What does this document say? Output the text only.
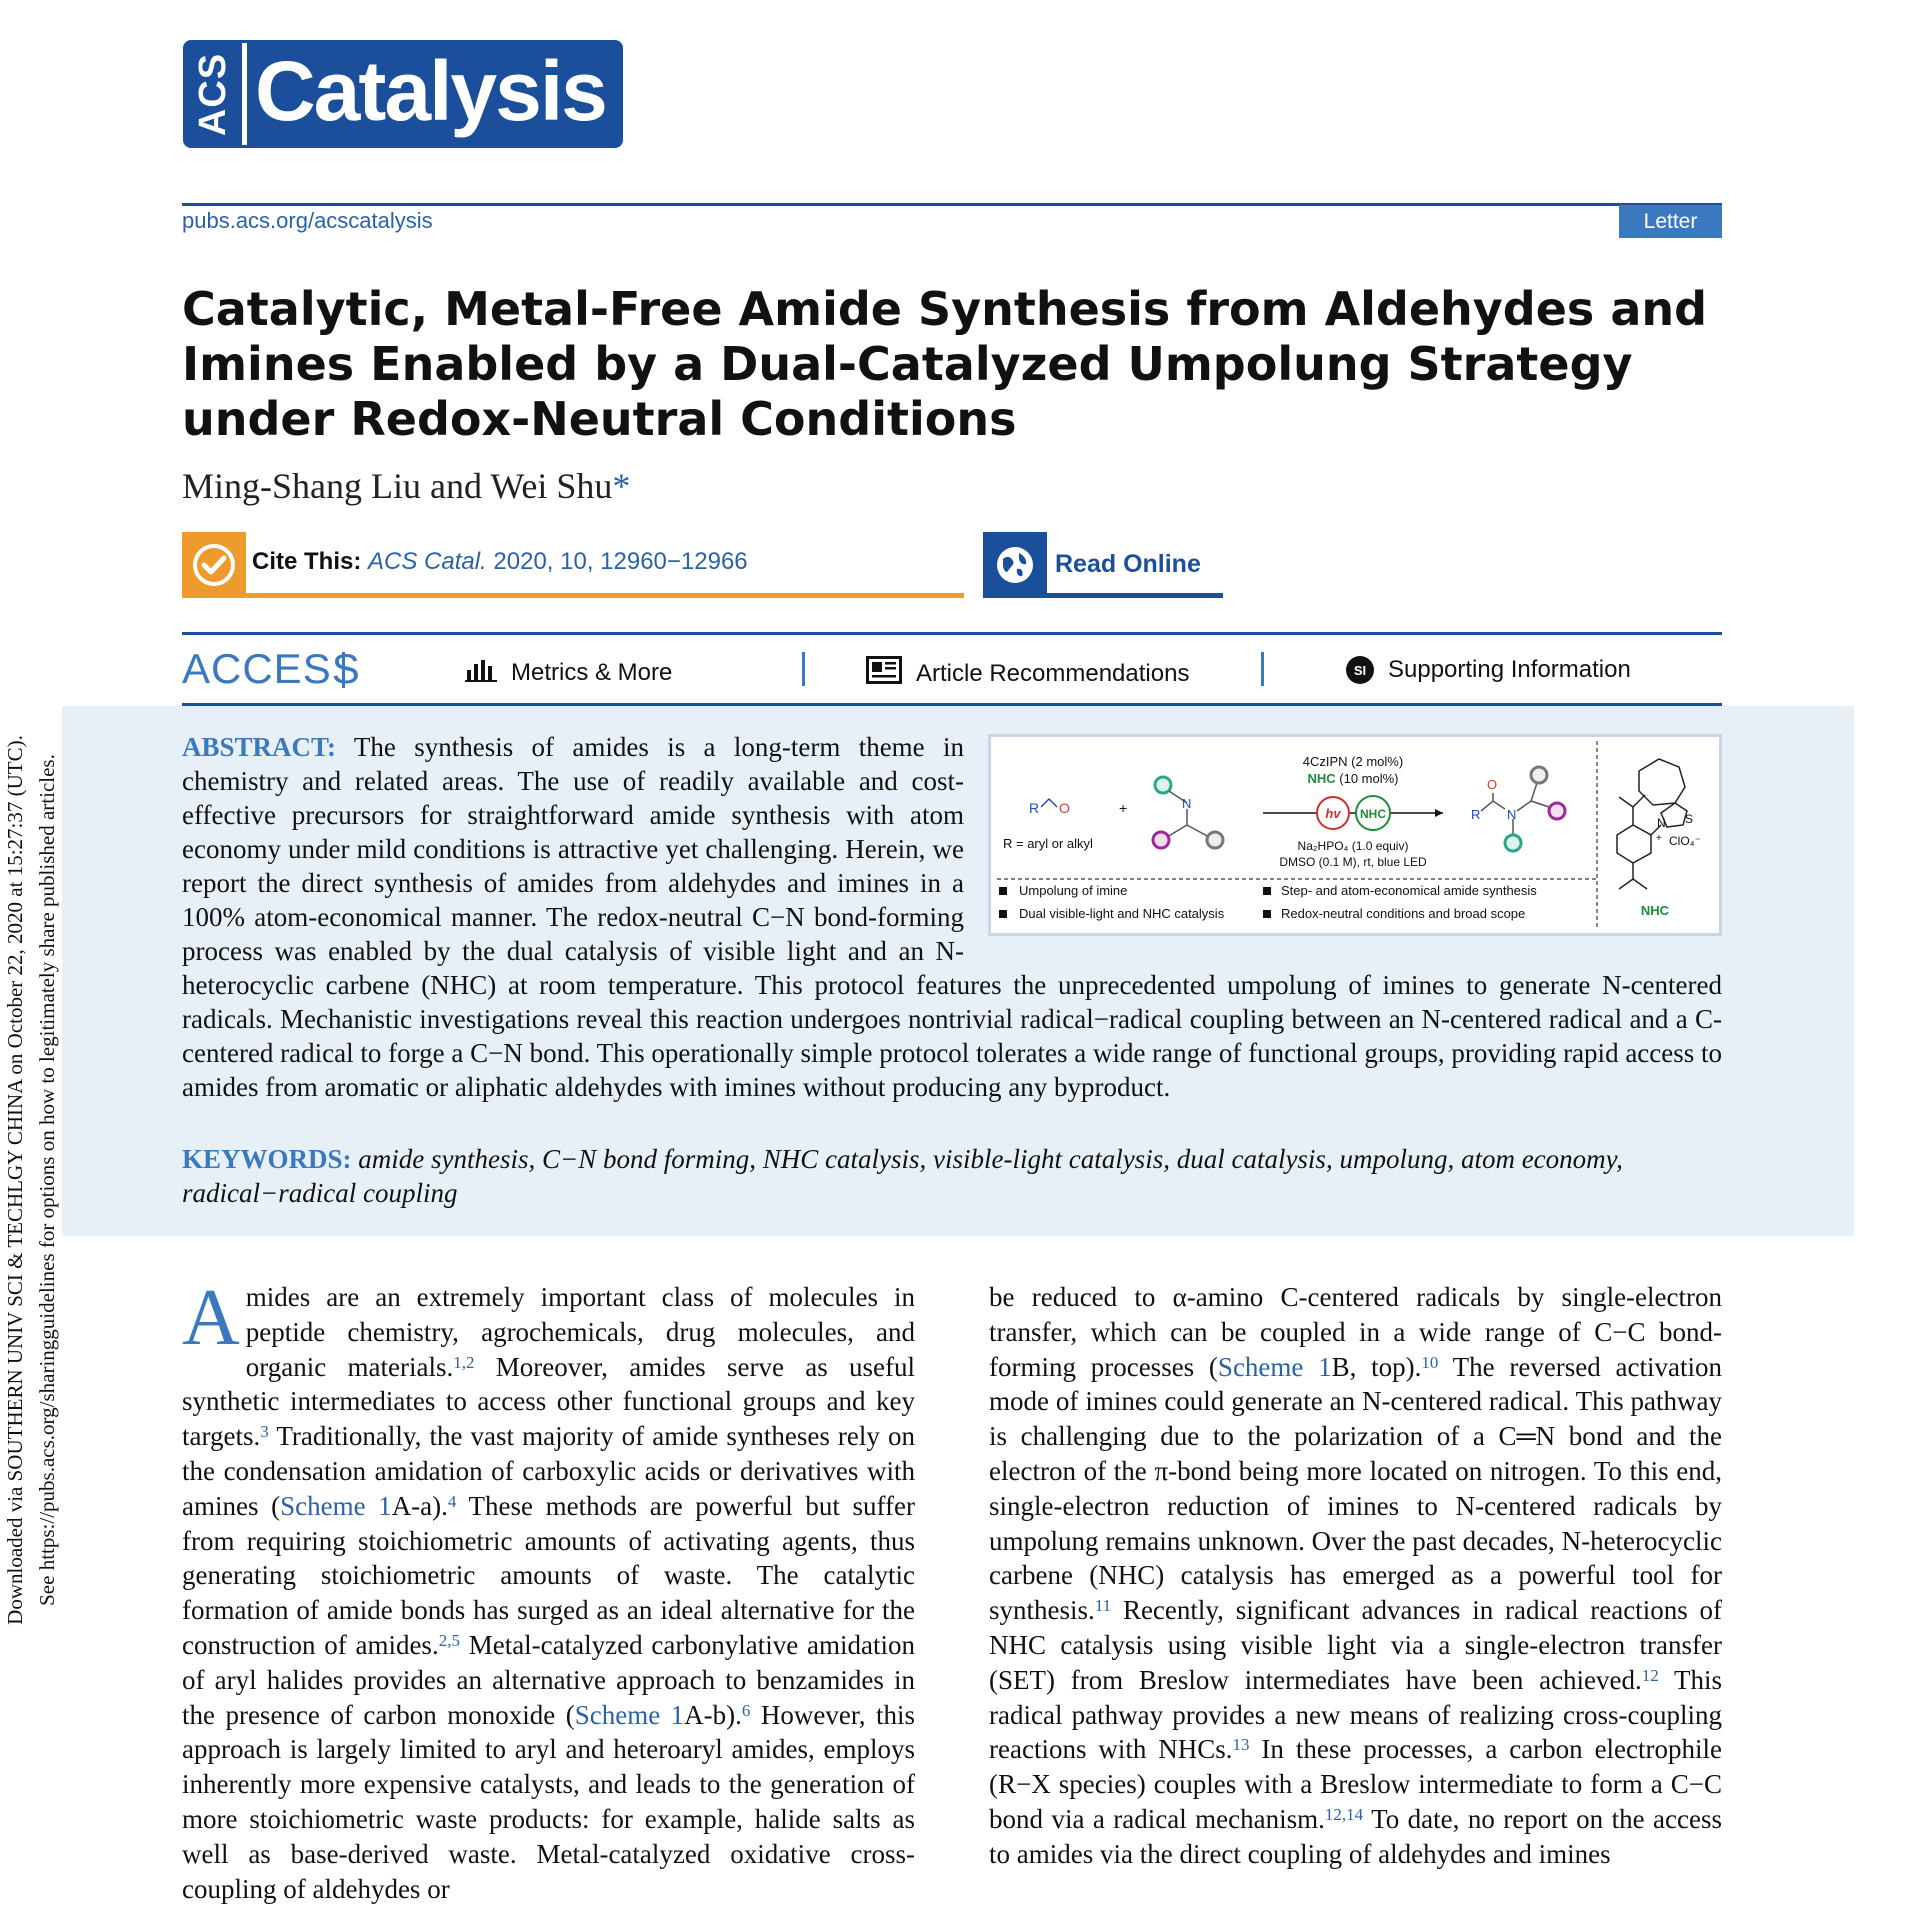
Downloaded via SOUTHERN UNIV SCI & TECHLGY CHINA on October 22, 2020 at 15:27:37 (UTC). See https://pubs.acs.org/sharingguidelines for options on how to legitimately share published articles.
ACS Catalysis
pubs.acs.org/acscatalysis	Letter
Catalytic, Metal-Free Amide Synthesis from Aldehydes and Imines Enabled by a Dual-Catalyzed Umpolung Strategy under Redox-Neutral Conditions
Ming-Shang Liu and Wei Shu*
Cite This: ACS Catal. 2020, 10, 12960−12966	Read Online
ACCESS	Metrics & More	Article Recommendations	SI Supporting Information
R O
R = aryl or alkyl
+	N
4CzIPN (2 mol%)
NHC (10 mol%)
hv NHC
Na₂HPO₄ (1.0 equiv)
DMSO (0.1 M), rt, blue LED
R
O
N
Umpolung of imine
Dual visible-light and NHC catalysis
Step- and atom-economical amide synthesis
Redox-neutral conditions and broad scope
N S
+ ClO₄⁻
NHC
ABSTRACT: The synthesis of amides is a long-term theme in chemistry and related areas. The use of readily available and cost-effective precursors for straightforward amide synthesis with atom economy under mild conditions is attractive yet challenging. Herein, we report the direct synthesis of amides from aldehydes and imines in a 100% atom-economical manner. The redox-neutral C−N bond-forming process was enabled by the dual catalysis of visible light and an N-heterocyclic carbene (NHC) at room temperature. This protocol features the unprecedented umpolung of imines to generate N-centered radicals. Mechanistic investigations reveal this reaction undergoes nontrivial radical−radical coupling between an N-centered radical and a C-centered radical to forge a C−N bond. This operationally simple protocol tolerates a wide range of functional groups, providing rapid access to amides from aromatic or aliphatic aldehydes with imines without producing any byproduct.

KEYWORDS: amide synthesis, C−N bond forming, NHC catalysis, visible-light catalysis, dual catalysis, umpolung, atom economy, radical−radical coupling

Amides are an extremely important class of molecules in peptide chemistry, agrochemicals, drug molecules, and organic materials.$^{1,2}$ Moreover, amides serve as useful synthetic intermediates to access other functional groups and key targets.$^3$ Traditionally, the vast majority of amide syntheses rely on the condensation amidation of carboxylic acids or derivatives with amines (Scheme 1A-a).$^4$ These methods are powerful but suffer from requiring stoichiometric amounts of activating agents, thus generating stoichiometric amounts of waste. The catalytic formation of amide bonds has surged as an ideal alternative for the construction of amides.$^{2,5}$ Metal-catalyzed carbonylative amidation of aryl halides provides an alternative approach to benzamides in the presence of carbon monoxide (Scheme 1A-b).$^6$ However, this approach is largely limited to aryl and heteroaryl amides, employs inherently more expensive catalysts, and leads to the generation of more stoichiometric waste products: for example, halide salts as well as base-derived waste. Metal-catalyzed oxidative cross-coupling of aldehydes or

be reduced to α-amino C-centered radicals by single-electron transfer, which can be coupled in a wide range of C−C bond-forming processes (Scheme 1B, top).$^{10}$ The reversed activation mode of imines could generate an N-centered radical. This pathway is challenging due to the polarization of a C═N bond and the electron of the π-bond being more located on nitrogen. To this end, single-electron reduction of imines to N-centered radicals by umpolung remains unknown. Over the past decades, N-heterocyclic carbene (NHC) catalysis has emerged as a powerful tool for synthesis.$^{11}$ Recently, significant advances in radical reactions of NHC catalysis using visible light via a single-electron transfer (SET) from Breslow intermediates have been achieved.$^{12}$ This radical pathway provides a new means of realizing cross-coupling reactions with NHCs.$^{13}$ In these processes, a carbon electrophile (R−X species) couples with a Breslow intermediate to form a C−C bond via a radical mechanism.$^{12,14}$ To date, no report on the access to amides via the direct coupling of aldehydes and imines
